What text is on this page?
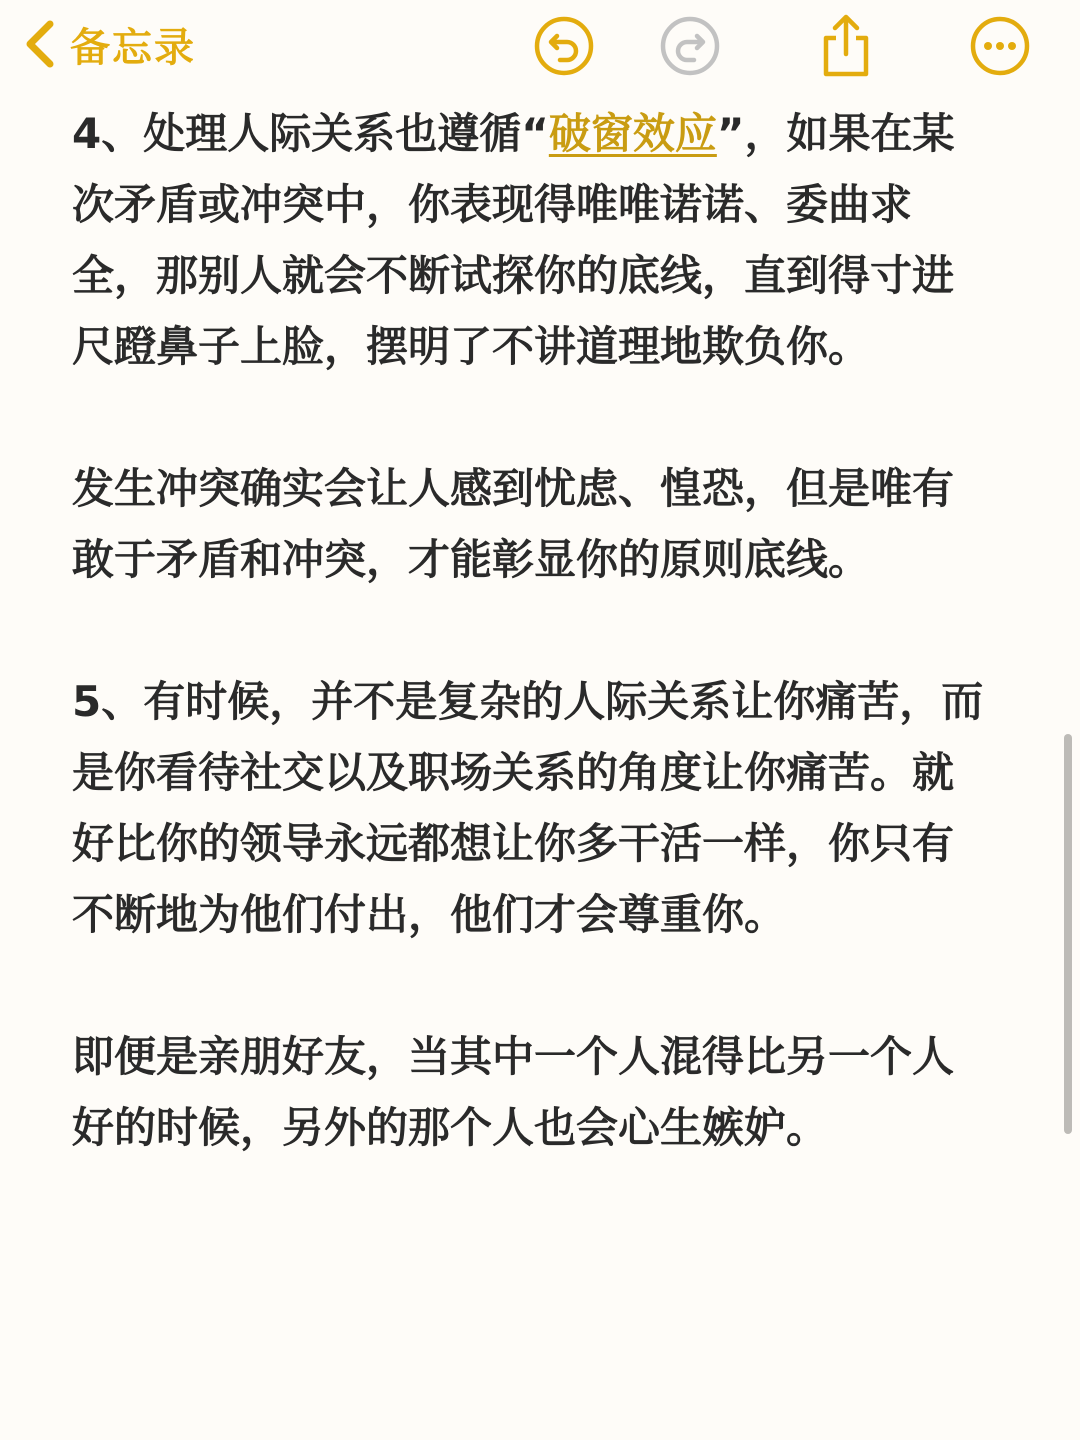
备忘录

4、处理人际关系也遵循“破窗效应”，如果在某次矛盾或冲突中，你表现得唯唯诺诺、委曲求全，那别人就会不断试探你的底线，直到得寸进尺蹬鼻子上脸，摆明了不讲道理地欺负你。

发生冲突确实会让人感到忧虑、惶恐，但是唯有敢于矛盾和冲突，才能彰显你的原则底线。

5、有时候，并不是复杂的人际关系让你痛苦，而是你看待社交以及职场关系的角度让你痛苦。就好比你的领导永远都想让你多干活一样，你只有不断地为他们付出，他们才会尊重你。

即便是亲朋好友，当其中一个人混得比另一个人好的时候，另外的那个人也会心生嫉妒。
